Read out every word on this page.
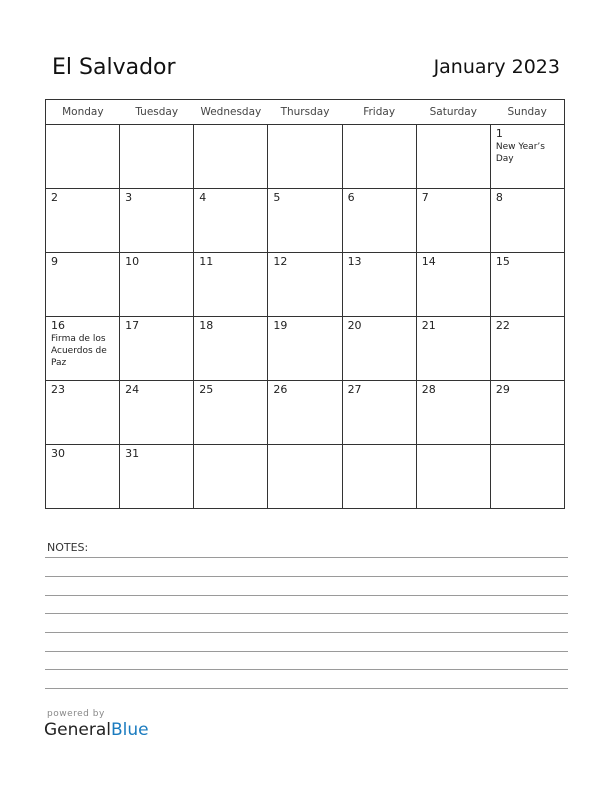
El Salvador	January 2023
Monday	Tuesday	Wednesday	Thursday	Friday	Saturday	Sunday

						1
New Year’s Day

2	3	4	5	6	7	8

9	10	11	12	13	14	15

16
Firma de los Acuerdos de Paz	17	18	19	20	21	22

23	24	25	26	27	28	29

30	31					

NOTES:
powered by
GeneralBlue
